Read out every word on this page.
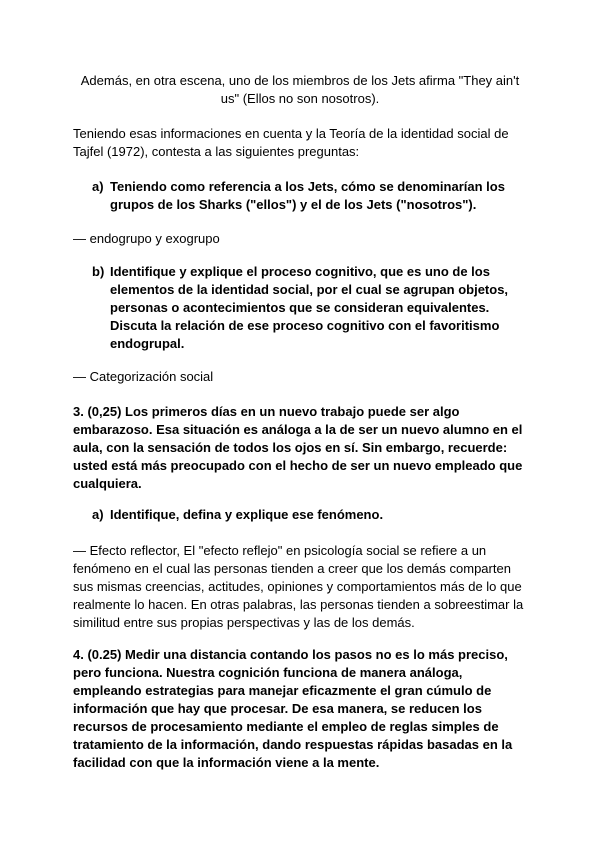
Además, en otra escena, uno de los miembros de los Jets afirma "They ain't
us" (Ellos no son nosotros).
Teniendo esas informaciones en cuenta y la Teoría de la identidad social de Tajfel (1972), contesta a las siguientes preguntas:
a) Teniendo como referencia a los Jets, cómo se denominarían los grupos de los Sharks ("ellos") y el de los Jets ("nosotros").
— endogrupo y exogrupo
b) Identifique y explique el proceso cognitivo, que es uno de los elementos de la identidad social, por el cual se agrupan objetos, personas o acontecimientos que se consideran equivalentes. Discuta la relación de ese proceso cognitivo con el favoritismo endogrupal.
— Categorización social
3. (0,25) Los primeros días en un nuevo trabajo puede ser algo embarazoso. Esa situación es análoga a la de ser un nuevo alumno en el aula, con la sensación de todos los ojos en sí. Sin embargo, recuerde: usted está más preocupado con el hecho de ser un nuevo empleado que cualquiera.
a) Identifique, defina y explique ese fenómeno.
— Efecto reflector, El "efecto reflejo" en psicología social se refiere a un fenómeno en el cual las personas tienden a creer que los demás comparten sus mismas creencias, actitudes, opiniones y comportamientos más de lo que realmente lo hacen. En otras palabras, las personas tienden a sobreestimar la similitud entre sus propias perspectivas y las de los demás.
4. (0.25) Medir una distancia contando los pasos no es lo más preciso, pero funciona. Nuestra cognición funciona de manera análoga, empleando estrategias para manejar eficazmente el gran cúmulo de información que hay que procesar. De esa manera, se reducen los recursos de procesamiento mediante el empleo de reglas simples de tratamiento de la información, dando respuestas rápidas basadas en la facilidad con que la información viene a la mente.
